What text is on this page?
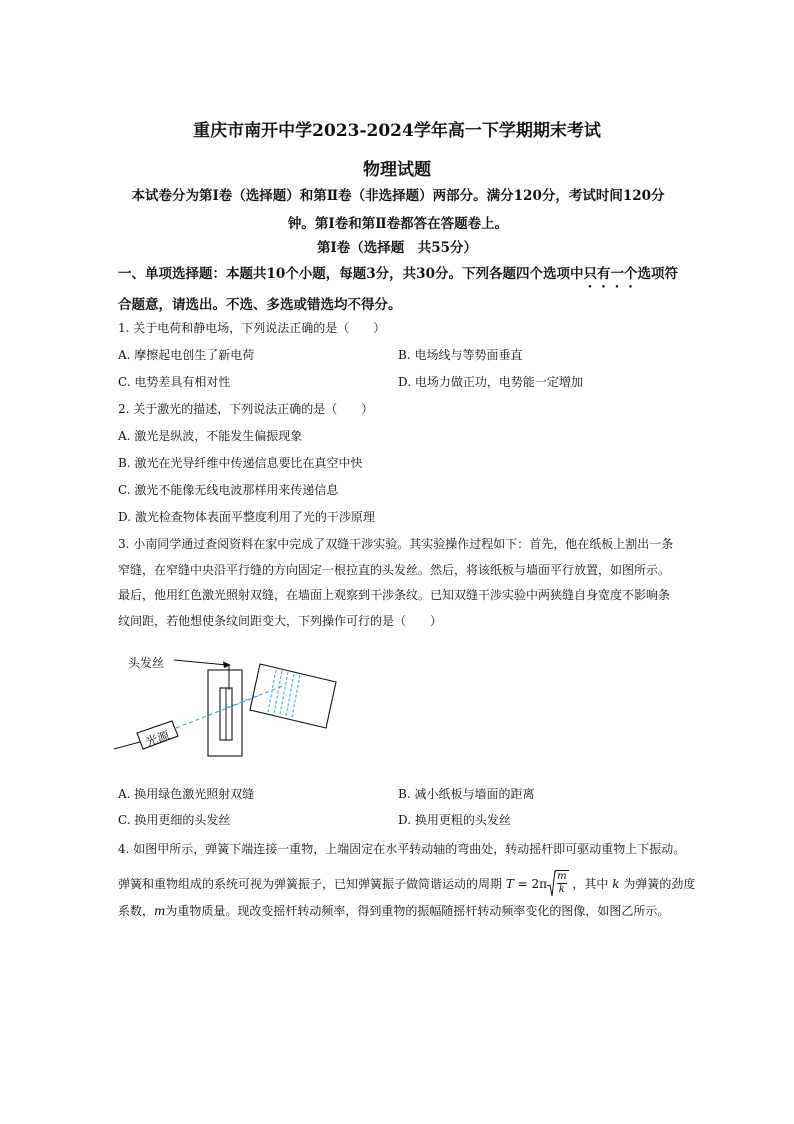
重庆市南开中学2023-2024学年高一下学期期末考试
物理试题
本试卷分为第Ⅰ卷（选择题）和第Ⅱ卷（非选择题）两部分。满分120分，考试时间120分钟。第Ⅰ卷和第Ⅱ卷都答在答题卷上。
第Ⅰ卷（选择题　共55分）
一、单项选择题：本题共10个小题，每题3分，共30分。下列各题四个选项中只有一个选项符合题意，请选出。不选、多选或错选均不得分。
1. 关于电荷和静电场，下列说法正确的是（　　）
A. 摩擦起电创生了新电荷	B. 电场线与等势面垂直
C. 电势差具有相对性	D. 电场力做正功，电势能一定增加
2. 关于激光的描述，下列说法正确的是（　　）
A. 激光是纵波，不能发生偏振现象
B. 激光在光导纤维中传递信息要比在真空中快
C. 激光不能像无线电波那样用来传递信息
D. 激光检查物体表面平整度利用了光的干涉原理
3. 小南同学通过查阅资料在家中完成了双缝干涉实验。其实验操作过程如下：首先，他在纸板上割出一条窄缝，在窄缝中央沿平行缝的方向固定一根拉直的头发丝。然后，将该纸板与墙面平行放置，如图所示。最后，他用红色激光照射双缝，在墙面上观察到干涉条纹。已知双缝干涉实验中两狭缝自身宽度不影响条纹间距，若他想使条纹间距变大，下列操作可行的是（　　）
头发丝
光源
A. 换用绿色激光照射双缝	B. 减小纸板与墙面的距离
C. 换用更细的头发丝	D. 换用更粗的头发丝
4. 如图甲所示，弹簧下端连接一重物，上端固定在水平转动轴的弯曲处，转动摇杆即可驱动重物上下振动。
弹簧和重物组成的系统可视为弹簧振子，已知弹簧振子做简谐运动的周期 $T = 2\pi \frac{m}{k}$ ，其中 k 为弹簧的劲度
系数，m为重物质量。现改变摇杆转动频率，得到重物的振幅随摇杆转动频率变化的图像，如图乙所示。
